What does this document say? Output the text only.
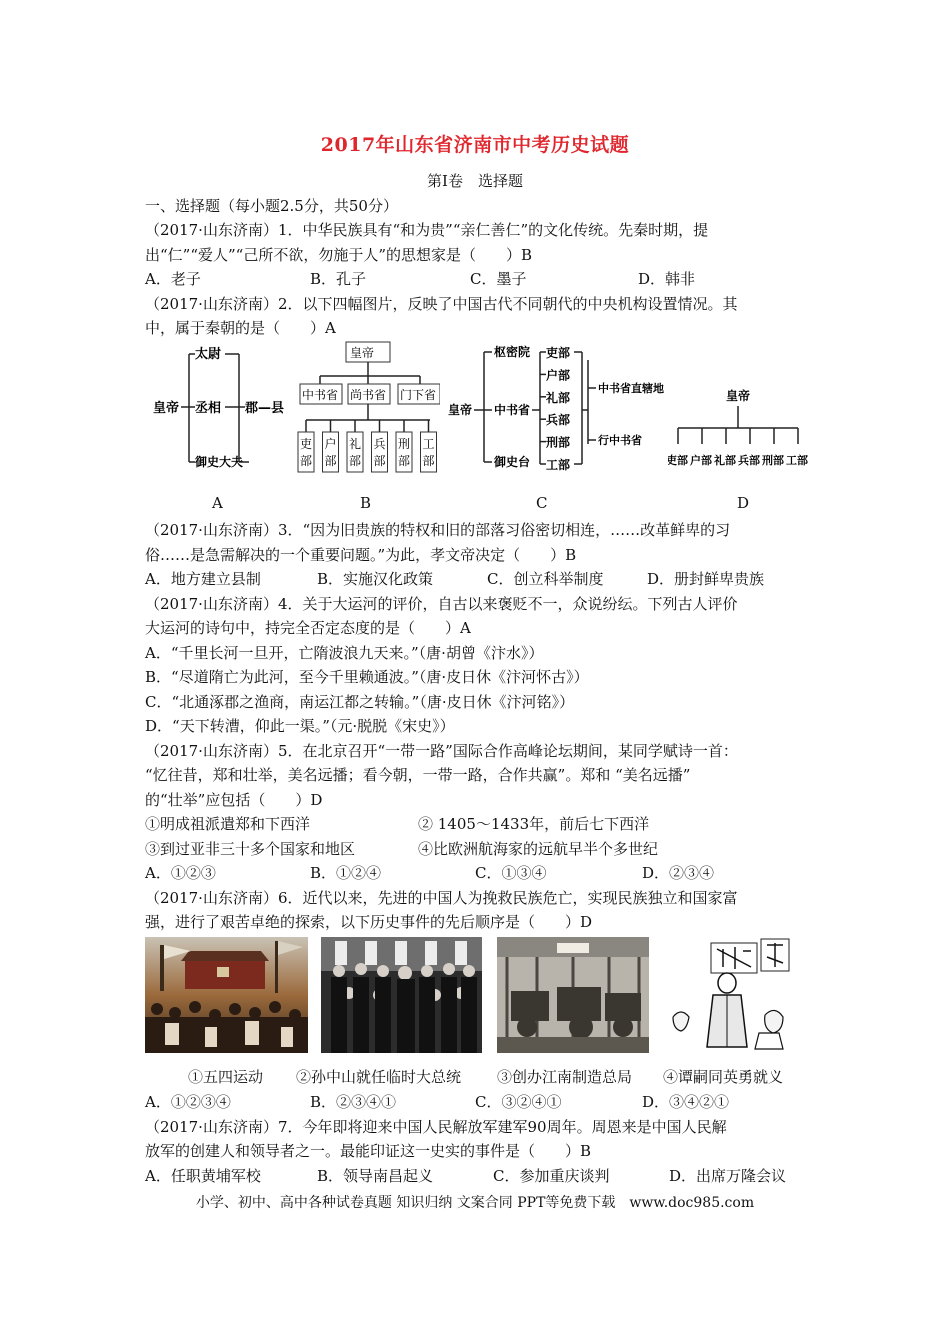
2017年山东省济南市中考历史试题
第Ⅰ卷　选择题
一、选择题（每小题2.5分，共50分）
（2017·山东济南）1．中华民族具有“和为贵”“亲仁善仁”的文化传统。先秦时期，提
出“仁”“爱人”“己所不欲，勿施于人”的思想家是（　　）B
A．老子	B．孔子	C．墨子	D．韩非
（2017·山东济南）2．以下四幅图片，反映了中国古代不同朝代的中央机构设置情况。其
中，属于秦朝的是（　　）A
皇帝
太尉
丞相
御史大夫
郡—县
皇帝
中书省 尚书省 门下省
吏
部
户
部
礼
部
兵
部
刑
部
工
部
皇帝
枢密院
中书省
御史台
吏部
户部
礼部
兵部
刑部
工部
中书省直辖地
行中书省
皇帝
吏部 户部 礼部 兵部 刑部 工部
A	B	C	D
（2017·山东济南）3．“因为旧贵族的特权和旧的部落习俗密切相连，……改革鲜卑的习
俗……是急需解决的一个重要问题。”为此，孝文帝决定（　　）B
A．地方建立县制	B．实施汉化政策	C．创立科举制度	D．册封鲜卑贵族
（2017·山东济南）4．关于大运河的评价，自古以来褒贬不一，众说纷纭。下列古人评价
大运河的诗句中，持完全否定态度的是（　　）A
A．“千里长河一旦开，亡隋波浪九天来。”（唐·胡曾《汴水》）
B．“尽道隋亡为此河，至今千里赖通波。”（唐·皮日休《汴河怀古》）
C．“北通涿郡之渔商，南运江都之转输。”（唐·皮日休《汴河铭》）
D．“天下转漕，仰此一渠。”（元·脱脱《宋史》）
（2017·山东济南）5．在北京召开“一带一路”国际合作高峰论坛期间，某同学赋诗一首：
“忆往昔，郑和壮举，美名远播；看今朝，一带一路，合作共赢”。郑和 “美名远播”
的“壮举”应包括（　　）D
①明成祖派遣郑和下西洋	② 1405～1433年，前后七下西洋
③到过亚非三十多个国家和地区	④比欧洲航海家的远航早半个多世纪
A．①②③	B．①②④	C．①③④	D．②③④
（2017·山东济南）6．近代以来，先进的中国人为挽救民族危亡，实现民族独立和国家富
强，进行了艰苦卓绝的探索，以下历史事件的先后顺序是（　　）D
①五四运动 ②孙中山就任临时大总统 ③创办江南制造总局 ④谭嗣同英勇就义
A．①②③④	B．②③④①	C．③②④①	D．③④②①
（2017·山东济南）7．今年即将迎来中国人民解放军建军90周年。周恩来是中国人民解
放军的创建人和领导者之一。最能印证这一史实的事件是（　　）B
A．任职黄埔军校	B．领导南昌起义	C．参加重庆谈判	D．出席万隆会议
小学、初中、高中各种试卷真题 知识归纳 文案合同 PPT等免费下载　www.doc985.com
